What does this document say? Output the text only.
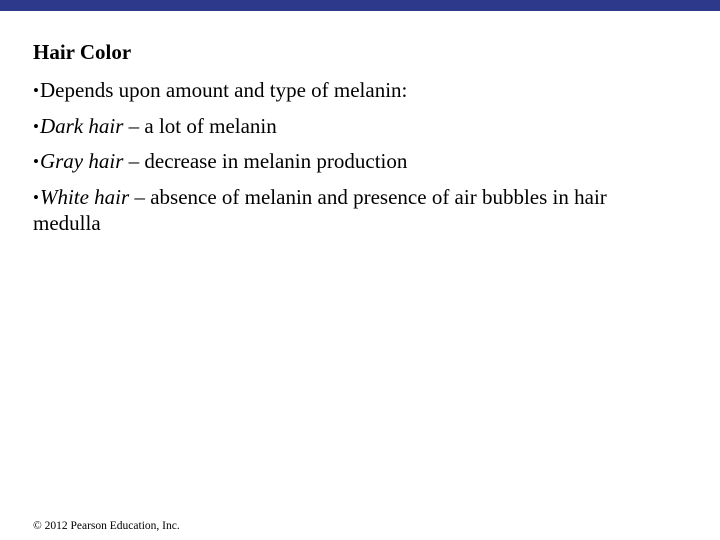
Hair Color
•Depends upon amount and type of melanin:
•Dark hair – a lot of melanin
•Gray hair – decrease in melanin production
•White hair – absence of melanin and presence of air bubbles in hair medulla
© 2012 Pearson Education, Inc.
